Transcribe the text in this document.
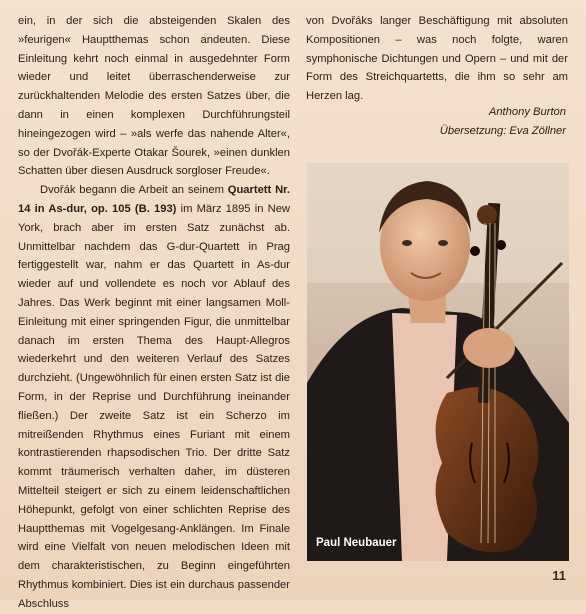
ein, in der sich die absteigenden Skalen des »feurigen« Hauptthemas schon andeuten. Diese Einleitung kehrt noch einmal in ausgedehnter Form wieder und leitet überraschenderweise zur zurückhaltenden Melodie des ersten Satzes über, die dann in einen komplexen Durchführungsteil hineingezogen wird – »als werfe das nahende Alter«, so der Dvořák-Experte Otakar Šourek, »einen dunklen Schatten über diesen Ausdruck sorgloser Freude«.

Dvořák begann die Arbeit an seinem Quartett Nr. 14 in As-dur, op. 105 (B. 193) im März 1895 in New York, brach aber im ersten Satz zunächst ab. Unmittelbar nachdem das G-dur-Quartett in Prag fertiggestellt war, nahm er das Quartett in As-dur wieder auf und vollendete es noch vor Ablauf des Jahres. Das Werk beginnt mit einer langsamen Moll-Einleitung mit einer springenden Figur, die unmittelbar danach im ersten Thema des Haupt-Allegros wiederkehrt und den weiteren Verlauf des Satzes durchzieht. (Ungewöhnlich für einen ersten Satz ist die Form, in der Reprise und Durchführung ineinander fließen.) Der zweite Satz ist ein Scherzo im mitreißenden Rhythmus eines Furiant mit einem kontrastierenden rhapsodischen Trio. Der dritte Satz kommt träumerisch verhalten daher, im düsteren Mittelteil steigert er sich zu einem leidenschaftlichen Höhepunkt, gefolgt von einer schlichten Reprise des Hauptthemas mit Vogelgesang-Anklängen. Im Finale wird eine Vielfalt von neuen melodischen Ideen mit dem charakteristischen, zu Beginn eingeführten Rhythmus kombiniert. Dies ist ein durchaus passender Abschluss

von Dvořáks langer Beschäftigung mit absoluten Kompositionen – was noch folgte, waren symphonische Dichtungen und Opern – und mit der Form des Streichquartetts, die ihm so sehr am Herzen lag.

Anthony Burton
Übersetzung: Eva Zöllner
Paul Neubauer
11
